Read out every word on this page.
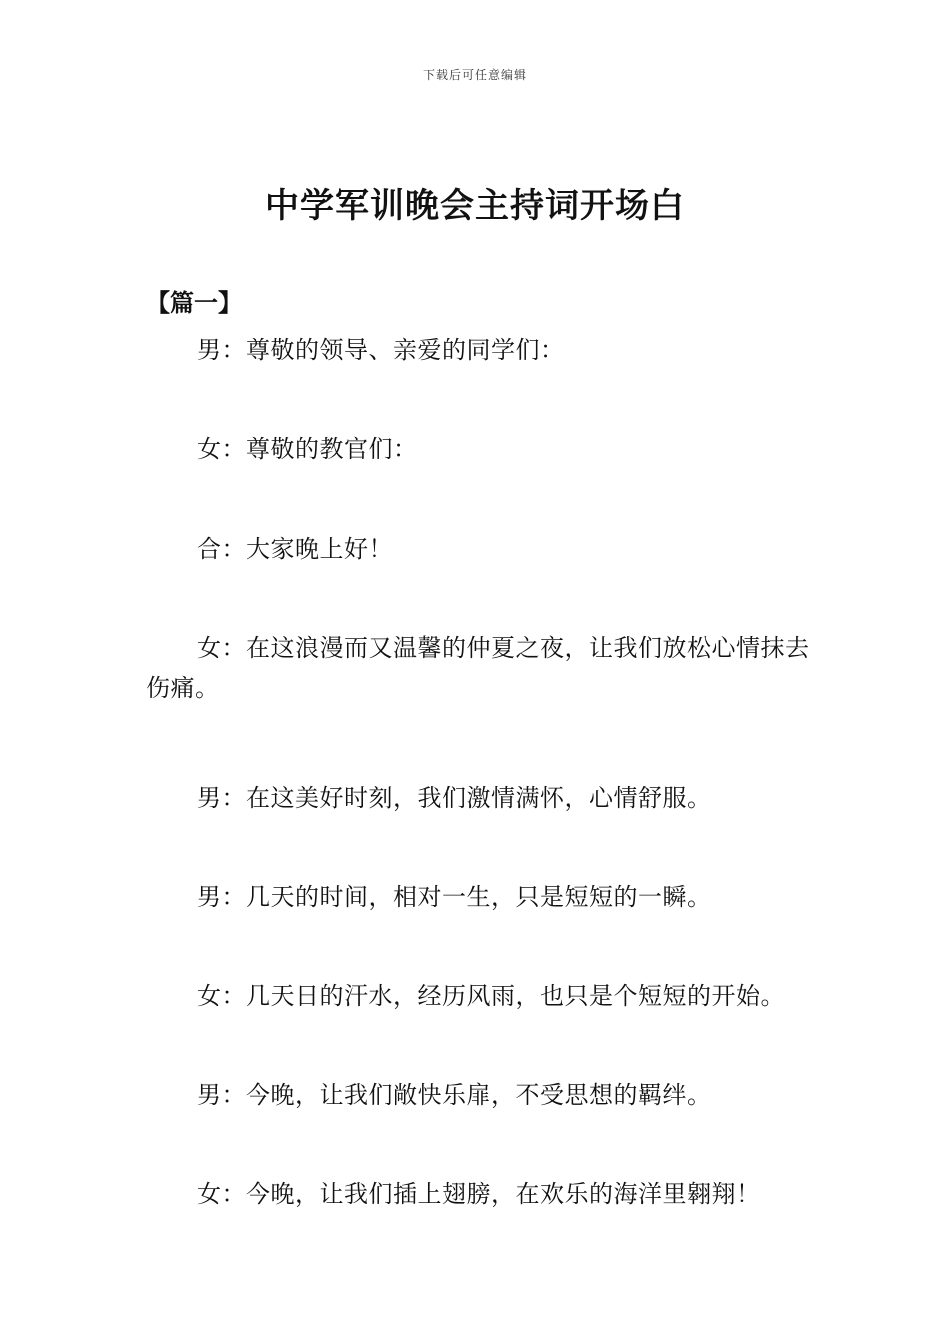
下载后可任意编辑
中学军训晚会主持词开场白
【篇一】

男：尊敬的领导、亲爱的同学们：

女：尊敬的教官们：

合：大家晚上好！

女：在这浪漫而又温馨的仲夏之夜，让我们放松心情抹去伤痛。

男：在这美好时刻，我们激情满怀，心情舒服。

男：几天的时间，相对一生，只是短短的一瞬。

女：几天日的汗水，经历风雨，也只是个短短的开始。

男：今晚，让我们敞快乐扉，不受思想的羁绊。

女：今晚，让我们插上翅膀，在欢乐的海洋里翱翔！
